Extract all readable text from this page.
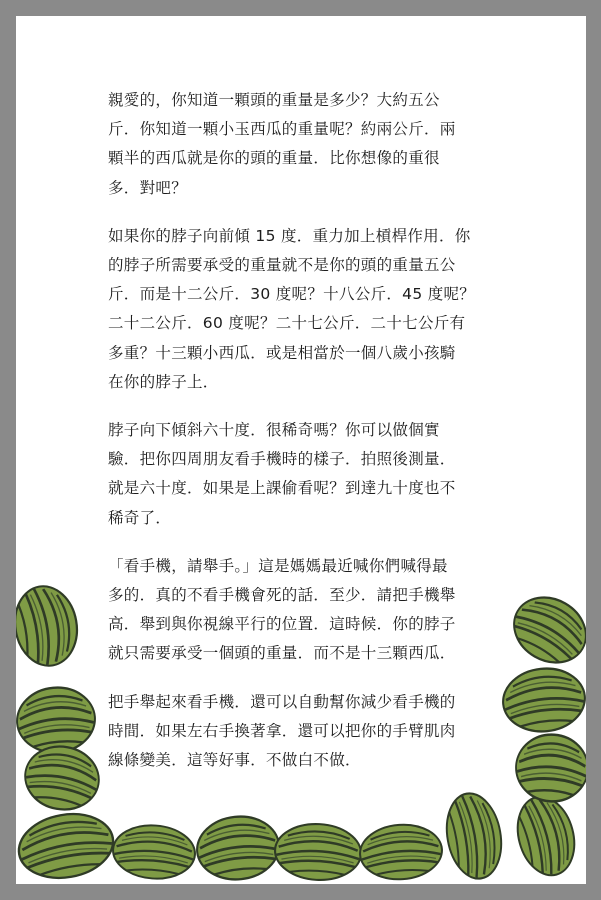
親愛的，你知道一顆頭的重量是多少？大約五公
斤．你知道一顆小玉西瓜的重量呢？約兩公斤．兩
顆半的西瓜就是你的頭的重量．比你想像的重很
多．對吧？

如果你的脖子向前傾 15 度．重力加上槓桿作用．你
的脖子所需要承受的重量就不是你的頭的重量五公
斤．而是十二公斤．30 度呢？十八公斤．45 度呢？
二十二公斤．60 度呢？二十七公斤．二十七公斤有
多重？十三顆小西瓜．或是相當於一個八歲小孩騎
在你的脖子上．

脖子向下傾斜六十度．很稀奇嗎？你可以做個實
驗．把你四周朋友看手機時的樣子．拍照後測量．
就是六十度．如果是上課偷看呢？到達九十度也不
稀奇了．

「看手機，請舉手。」這是媽媽最近喊你們喊得最
多的．真的不看手機會死的話．至少．請把手機舉
高．舉到與你視線平行的位置．這時候．你的脖子
就只需要承受一個頭的重量．而不是十三顆西瓜．

把手舉起來看手機．還可以自動幫你減少看手機的
時間．如果左右手換著拿．還可以把你的手臂肌肉
線條變美．這等好事．不做白不做．
